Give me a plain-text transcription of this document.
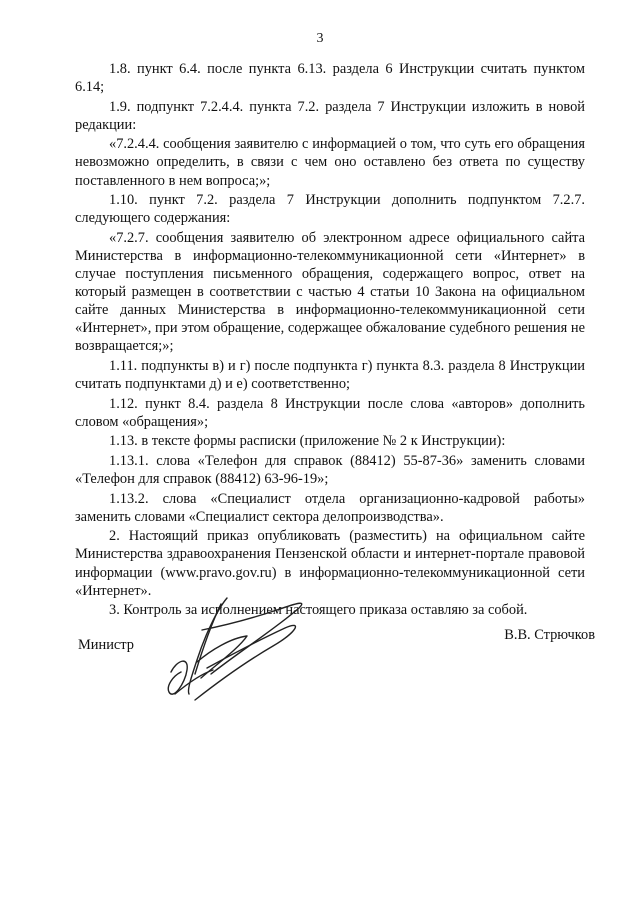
3

1.8. пункт 6.4. после пункта 6.13. раздела 6 Инструкции считать пунктом 6.14;

1.9. подпункт 7.2.4.4. пункта 7.2. раздела 7 Инструкции изложить в новой редакции:

«7.2.4.4. сообщения заявителю с информацией о том, что суть его обращения невозможно определить, в связи с чем оно оставлено без ответа по существу поставленного в нем вопроса;»;

1.10. пункт 7.2. раздела 7 Инструкции дополнить подпунктом 7.2.7. следующего содержания:

«7.2.7. сообщения заявителю об электронном адресе официального сайта Министерства в информационно-телекоммуникационной сети «Интернет» в случае поступления письменного обращения, содержащего вопрос, ответ на который размещен в соответствии с частью 4 статьи 10 Закона на официальном сайте данных Министерства в информационно-телекоммуникационной сети «Интернет», при этом обращение, содержащее обжалование судебного решения не возвращается;»;

1.11. подпункты в) и г) после подпункта г) пункта 8.3. раздела 8 Инструкции считать подпунктами д) и е) соответственно;

1.12. пункт 8.4. раздела 8 Инструкции после слова «авторов» дополнить словом «обращения»;

1.13. в тексте формы расписки (приложение № 2 к Инструкции):

1.13.1. слова «Телефон для справок (88412) 55-87-36» заменить словами «Телефон для справок (88412) 63-96-19»;

1.13.2. слова «Специалист отдела организационно-кадровой работы» заменить словами «Специалист сектора делопроизводства».

2. Настоящий приказ опубликовать (разместить) на официальном сайте Министерства здравоохранения Пензенской области и интернет-портале правовой информации (www.pravo.gov.ru) в информационно-телекоммуникационной сети «Интернет».

3. Контроль за исполнением настоящего приказа оставляю за собой.

Министр
В.В. Стрючков
